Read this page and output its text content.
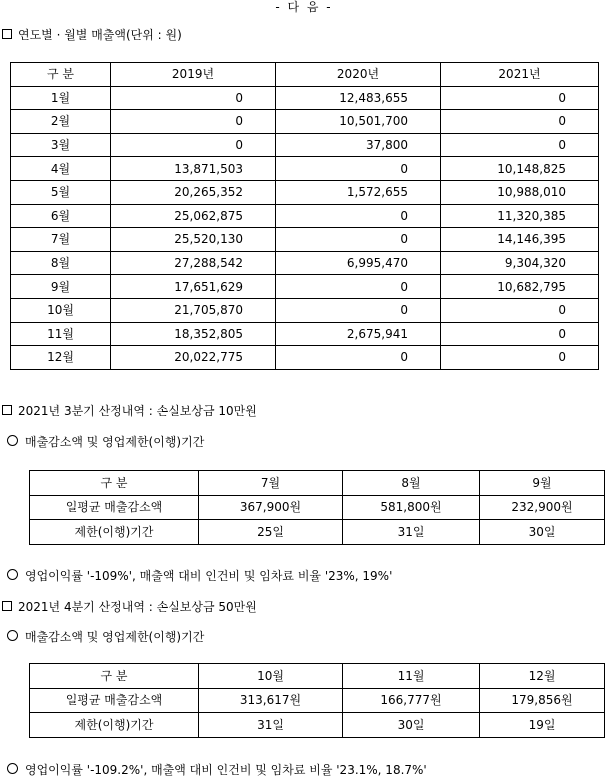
- 다 음 -
연도별 · 월별 매출액(단위 : 원)
구 분	2019년	2020년	2021년
1월	0	12,483,655	0
2월	0	10,501,700	0
3월	0	37,800	0
4월	13,871,503	0	10,148,825
5월	20,265,352	1,572,655	10,988,010
6월	25,062,875	0	11,320,385
7월	25,520,130	0	14,146,395
8월	27,288,542	6,995,470	9,304,320
9월	17,651,629	0	10,682,795
10월	21,705,870	0	0
11월	18,352,805	2,675,941	0
12월	20,022,775	0	0
2021년 3분기 산정내역 : 손실보상금 10만원
매출감소액 및 영업제한(이행)기간
구 분	7월	8월	9월
일평균 매출감소액	367,900원	581,800원	232,900원
제한(이행)기간	25일	31일	30일
영업이익률 '-109%', 매출액 대비 인건비 및 임차료 비율 '23%, 19%'
2021년 4분기 산정내역 : 손실보상금 50만원
매출감소액 및 영업제한(이행)기간
구 분	10월	11월	12월
일평균 매출감소액	313,617원	166,777원	179,856원
제한(이행)기간	31일	30일	19일
영업이익률 '-109.2%', 매출액 대비 인건비 및 임차료 비율 '23.1%, 18.7%'
